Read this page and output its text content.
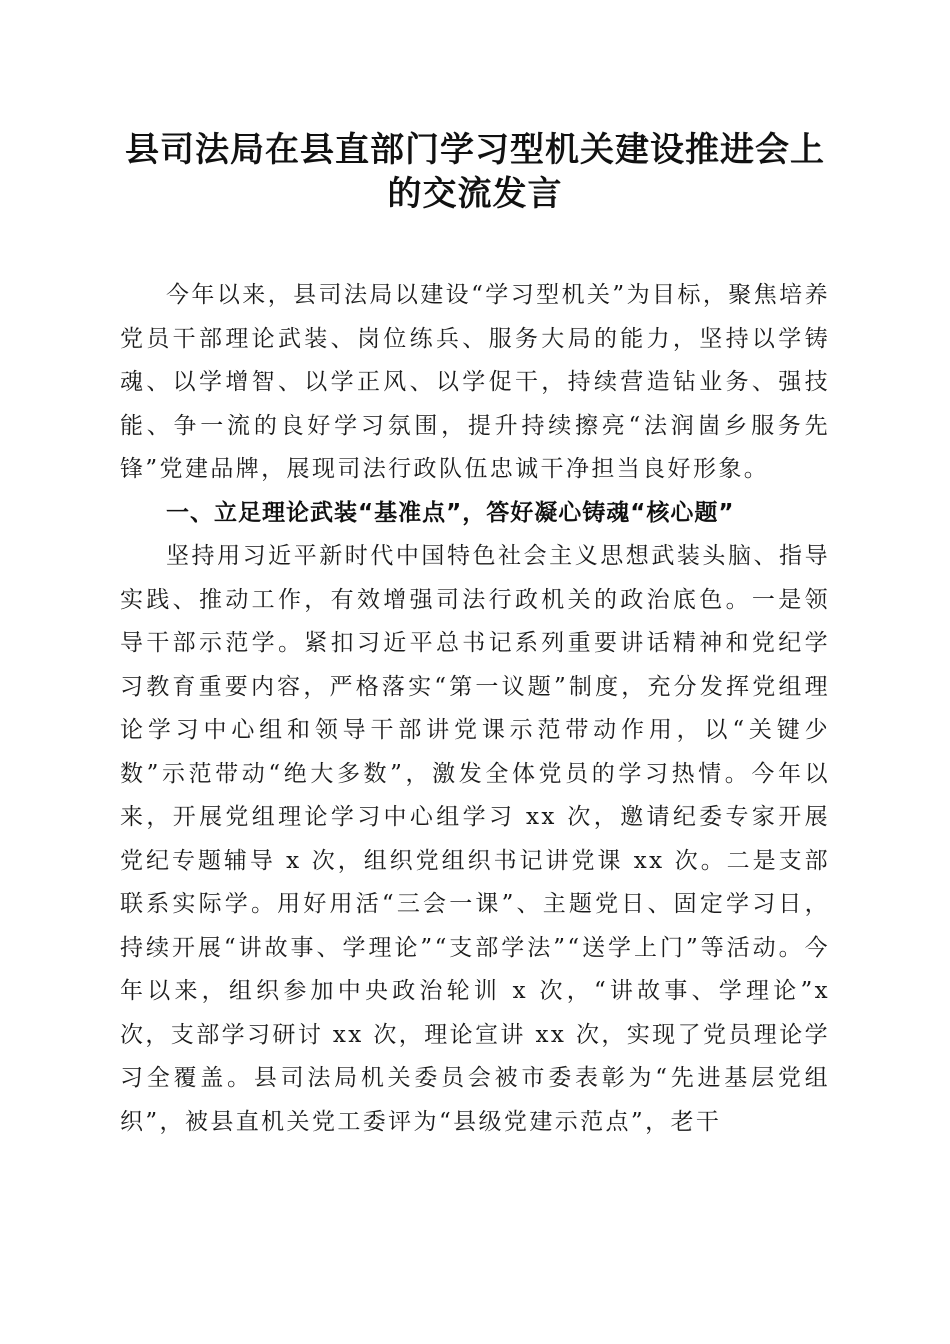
县司法局在县直部门学习型机关建设推进会上
的交流发言

今年以来，县司法局以建设“学习型机关”为目标，聚焦培养党员干部理论武装、岗位练兵、服务大局的能力，坚持以学铸魂、以学增智、以学正风、以学促干，持续营造钻业务、强技能、争一流的良好学习氛围，提升持续擦亮“法润崮乡服务先锋”党建品牌，展现司法行政队伍忠诚干净担当良好形象。

一、立足理论武装“基准点”，答好凝心铸魂“核心题”

坚持用习近平新时代中国特色社会主义思想武装头脑、指导实践、推动工作，有效增强司法行政机关的政治底色。一是领导干部示范学。紧扣习近平总书记系列重要讲话精神和党纪学习教育重要内容，严格落实“第一议题”制度，充分发挥党组理论学习中心组和领导干部讲党课示范带动作用，以“关键少数”示范带动“绝大多数”，激发全体党员的学习热情。今年以来，开展党组理论学习中心组学习 xx 次，邀请纪委专家开展党纪专题辅导 x 次，组织党组织书记讲党课 xx 次。二是支部联系实际学。用好用活“三会一课”、主题党日、固定学习日，持续开展“讲故事、学理论”“支部学法”“送学上门”等活动。今年以来，组织参加中央政治轮训 x 次，“讲故事、学理论”x 次，支部学习研讨 xx 次，理论宣讲 xx 次，实现了党员理论学习全覆盖。县司法局机关委员会被市委表彰为“先进基层党组织”，被县直机关党工委评为“县级党建示范点”，老干
